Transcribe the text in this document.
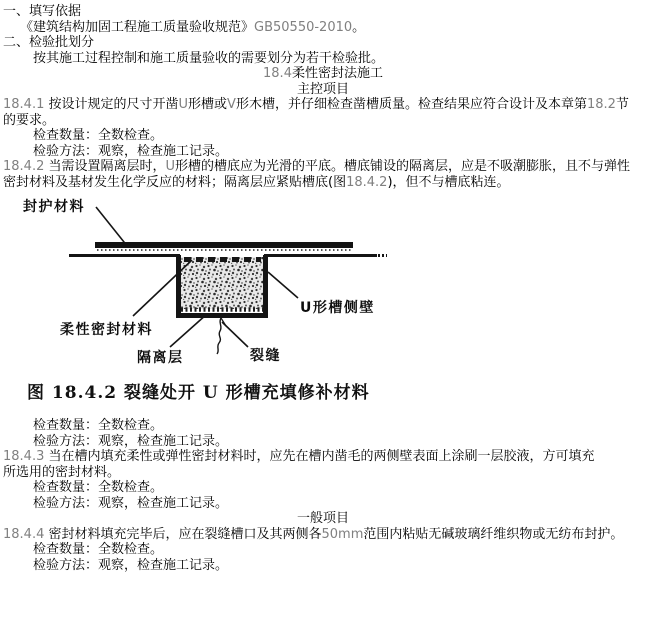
一、填写依据
《建筑结构加固工程施工质量验收规范》GB50550-2010。
二、检验批划分
按其施工过程控制和施工质量验收的需要划分为若干检验批。
18.4柔性密封法施工
主控项目
18.4.1 按设计规定的尺寸开凿U形槽或V形木槽，并仔细检查凿槽质量。检查结果应符合设计及本章第18.2节
的要求。
检查数量：全数检查。
检验方法：观察，检查施工记录。
18.4.2 当需设置隔离层时，U形槽的槽底应为光滑的平底。槽底铺设的隔离层，应是不吸潮膨胀，且不与弹性
密封材料及基材发生化学反应的材料；隔离层应紧贴槽底(图18.4.2)，但不与槽底粘连。
封护材料
柔性密封材料
U形槽侧壁
隔离层	裂缝
图 18.4.2 裂缝处开 U 形槽充填修补材料
检查数量：全数检查。
检验方法：观察，检查施工记录。
18.4.3 当在槽内填充柔性或弹性密封材料时，应先在槽内凿毛的两侧壁表面上涂刷一层胶液，方可填充
所选用的密封材料。
检查数量：全数检查。
检验方法：观察，检查施工记录。
一般项目
18.4.4 密封材料填充完毕后，应在裂缝槽口及其两侧各50mm范围内粘贴无碱玻璃纤维织物或无纺布封护。
检查数量：全数检查。
检验方法：观察，检查施工记录。
